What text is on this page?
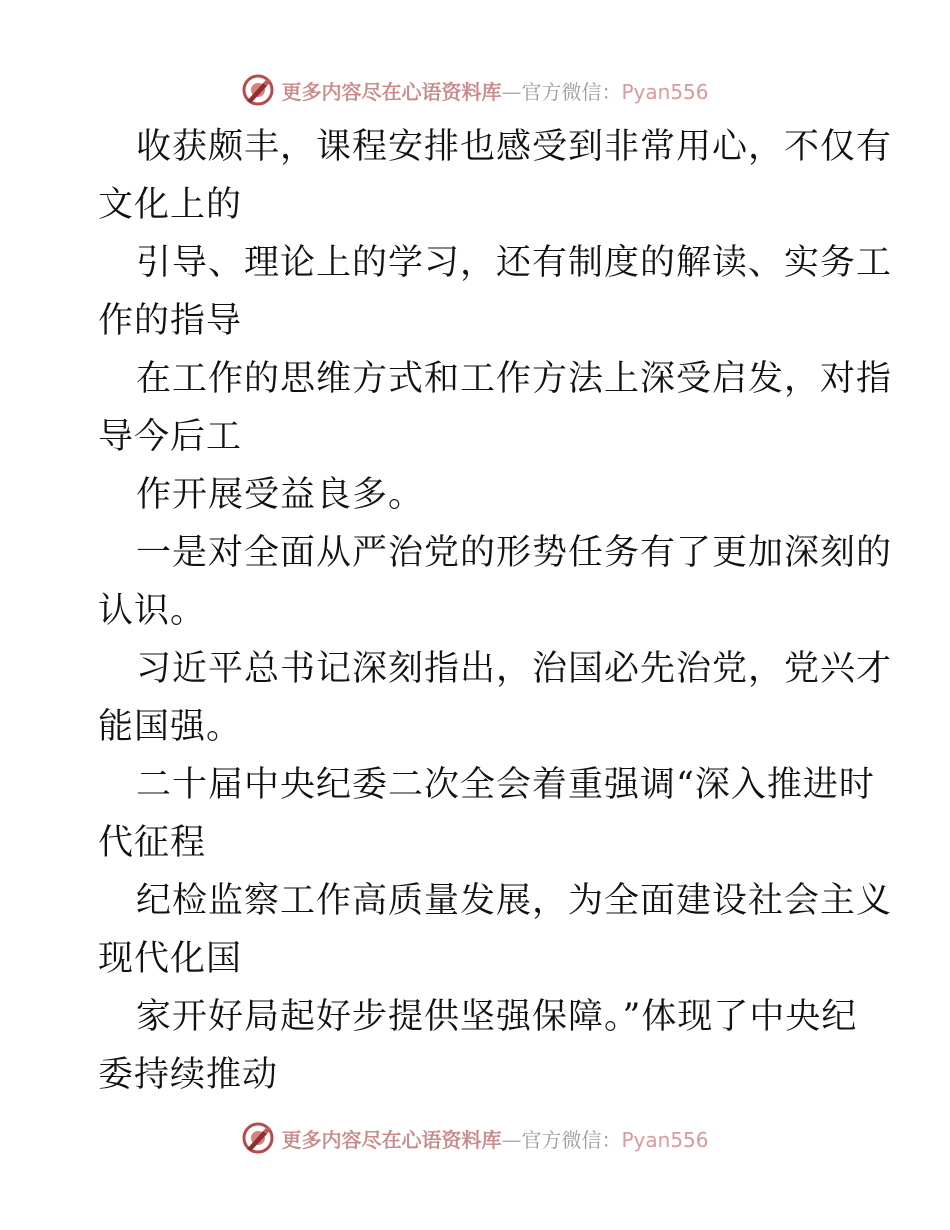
更多内容尽在心语资料库—官方微信：Pyan556
收获颇丰，课程安排也感受到非常用心，不仅有
文化上的
引导、理论上的学习，还有制度的解读、实务工
作的指导
在工作的思维方式和工作方法上深受启发，对指
导今后工
作开展受益良多。
一是对全面从严治党的形势任务有了更加深刻的
认识。
习近平总书记深刻指出，治国必先治党，党兴才
能国强。
二十届中央纪委二次全会着重强调“深入推进时
代征程
纪检监察工作高质量发展，为全面建设社会主义
现代化国
家开好局起好步提供坚强保障。”体现了中央纪
委持续推动
更多内容尽在心语资料库—官方微信：Pyan556
